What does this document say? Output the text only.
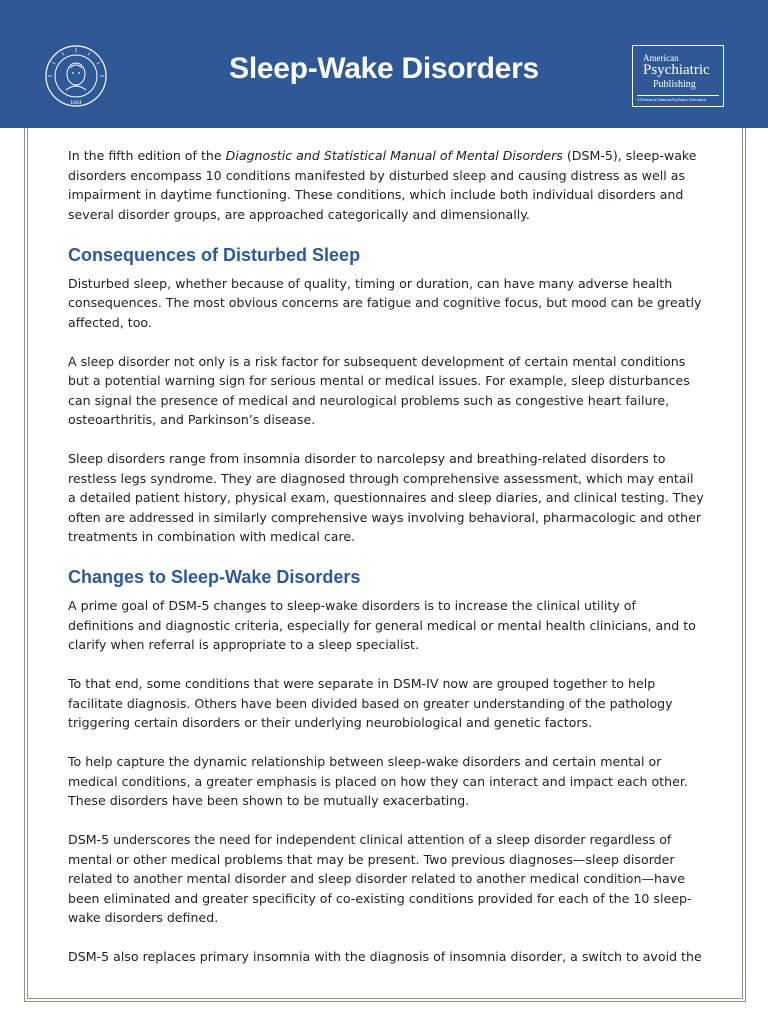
1844
Sleep-Wake Disorders	American
Psychiatric
Publishing
A Division of American Psychiatric Association

In the fifth edition of the Diagnostic and Statistical Manual of Mental Disorders (DSM-5), sleep-wake disorders encompass 10 conditions manifested by disturbed sleep and causing distress as well as impairment in daytime functioning. These conditions, which include both individual disorders and several disorder groups, are approached categorically and dimensionally.

Consequences of Disturbed Sleep

Disturbed sleep, whether because of quality, timing or duration, can have many adverse health consequences. The most obvious concerns are fatigue and cognitive focus, but mood can be greatly affected, too.

A sleep disorder not only is a risk factor for subsequent development of certain mental conditions but a potential warning sign for serious mental or medical issues. For example, sleep disturbances can signal the presence of medical and neurological problems such as congestive heart failure, osteoarthritis, and Parkinson’s disease.

Sleep disorders range from insomnia disorder to narcolepsy and breathing-related disorders to restless legs syndrome. They are diagnosed through comprehensive assessment, which may entail a detailed patient history, physical exam, questionnaires and sleep diaries, and clinical testing. They often are addressed in similarly comprehensive ways involving behavioral, pharmacologic and other treatments in combination with medical care.

Changes to Sleep-Wake Disorders

A prime goal of DSM-5 changes to sleep-wake disorders is to increase the clinical utility of definitions and diagnostic criteria, especially for general medical or mental health clinicians, and to clarify when referral is appropriate to a sleep specialist.

To that end, some conditions that were separate in DSM-IV now are grouped together to help facilitate diagnosis. Others have been divided based on greater understanding of the pathology triggering certain disorders or their underlying neurobiological and genetic factors.

To help capture the dynamic relationship between sleep-wake disorders and certain mental or medical conditions, a greater emphasis is placed on how they can interact and impact each other. These disorders have been shown to be mutually exacerbating.

DSM-5 underscores the need for independent clinical attention of a sleep disorder regardless of mental or other medical problems that may be present. Two previous diagnoses—sleep disorder related to another mental disorder and sleep disorder related to another medical condition—have been eliminated and greater specificity of co-existing conditions provided for each of the 10 sleep-wake disorders defined.

DSM-5 also replaces primary insomnia with the diagnosis of insomnia disorder, a switch to avoid the
